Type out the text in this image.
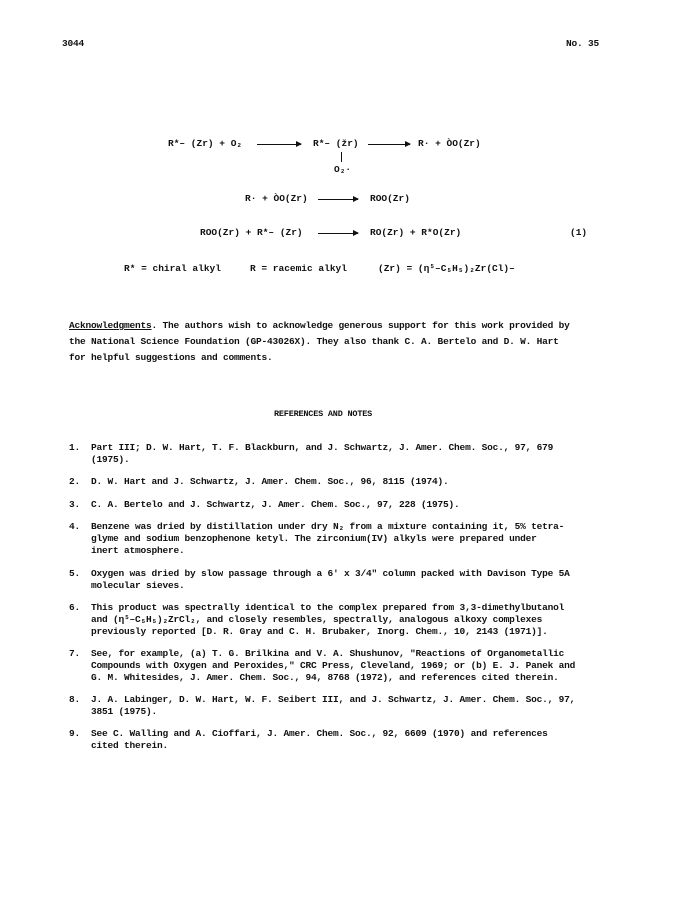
3044	No. 35
R*– (Zr) + O₂ → R*– (žr)
O₂·
→ R· + ÒO(Zr)
R· + ÒO(Zr) → ROO(Zr)
ROO(Zr) + R*– (Zr) → RO(Zr) + R*O(Zr)	(1)
R* = chiral alkyl	R = racemic alkyl	(Zr) = (η⁵–C₅H₅)₂Zr(Cl)–
Acknowledgments. The authors wish to acknowledge generous support for this work provided by
the National Science Foundation (GP-43026X). They also thank C. A. Bertelo and D. W. Hart
for helpful suggestions and comments.
REFERENCES AND NOTES
1. Part III; D. W. Hart, T. F. Blackburn, and J. Schwartz, J. Amer. Chem. Soc., 97, 679
(1975).
2. D. W. Hart and J. Schwartz, J. Amer. Chem. Soc., 96, 8115 (1974).
3. C. A. Bertelo and J. Schwartz, J. Amer. Chem. Soc., 97, 228 (1975).
4. Benzene was dried by distillation under dry N₂ from a mixture containing it, 5% tetra-
glyme and sodium benzophenone ketyl. The zirconium(IV) alkyls were prepared under
inert atmosphere.
5. Oxygen was dried by slow passage through a 6' x 3/4" column packed with Davison Type 5A
molecular sieves.
6. This product was spectrally identical to the complex prepared from 3,3-dimethylbutanol
and (η⁵–C₅H₅)₂ZrCl₂, and closely resembles, spectrally, analogous alkoxy complexes
previously reported [D. R. Gray and C. H. Brubaker, Inorg. Chem., 10, 2143 (1971)].
7. See, for example, (a) T. G. Brilkina and V. A. Shushunov, "Reactions of Organometallic
Compounds with Oxygen and Peroxides," CRC Press, Cleveland, 1969; or (b) E. J. Panek and
G. M. Whitesides, J. Amer. Chem. Soc., 94, 8768 (1972), and references cited therein.
8. J. A. Labinger, D. W. Hart, W. F. Seibert III, and J. Schwartz, J. Amer. Chem. Soc., 97,
3851 (1975).
9. See C. Walling and A. Cioffari, J. Amer. Chem. Soc., 92, 6609 (1970) and references
cited therein.
